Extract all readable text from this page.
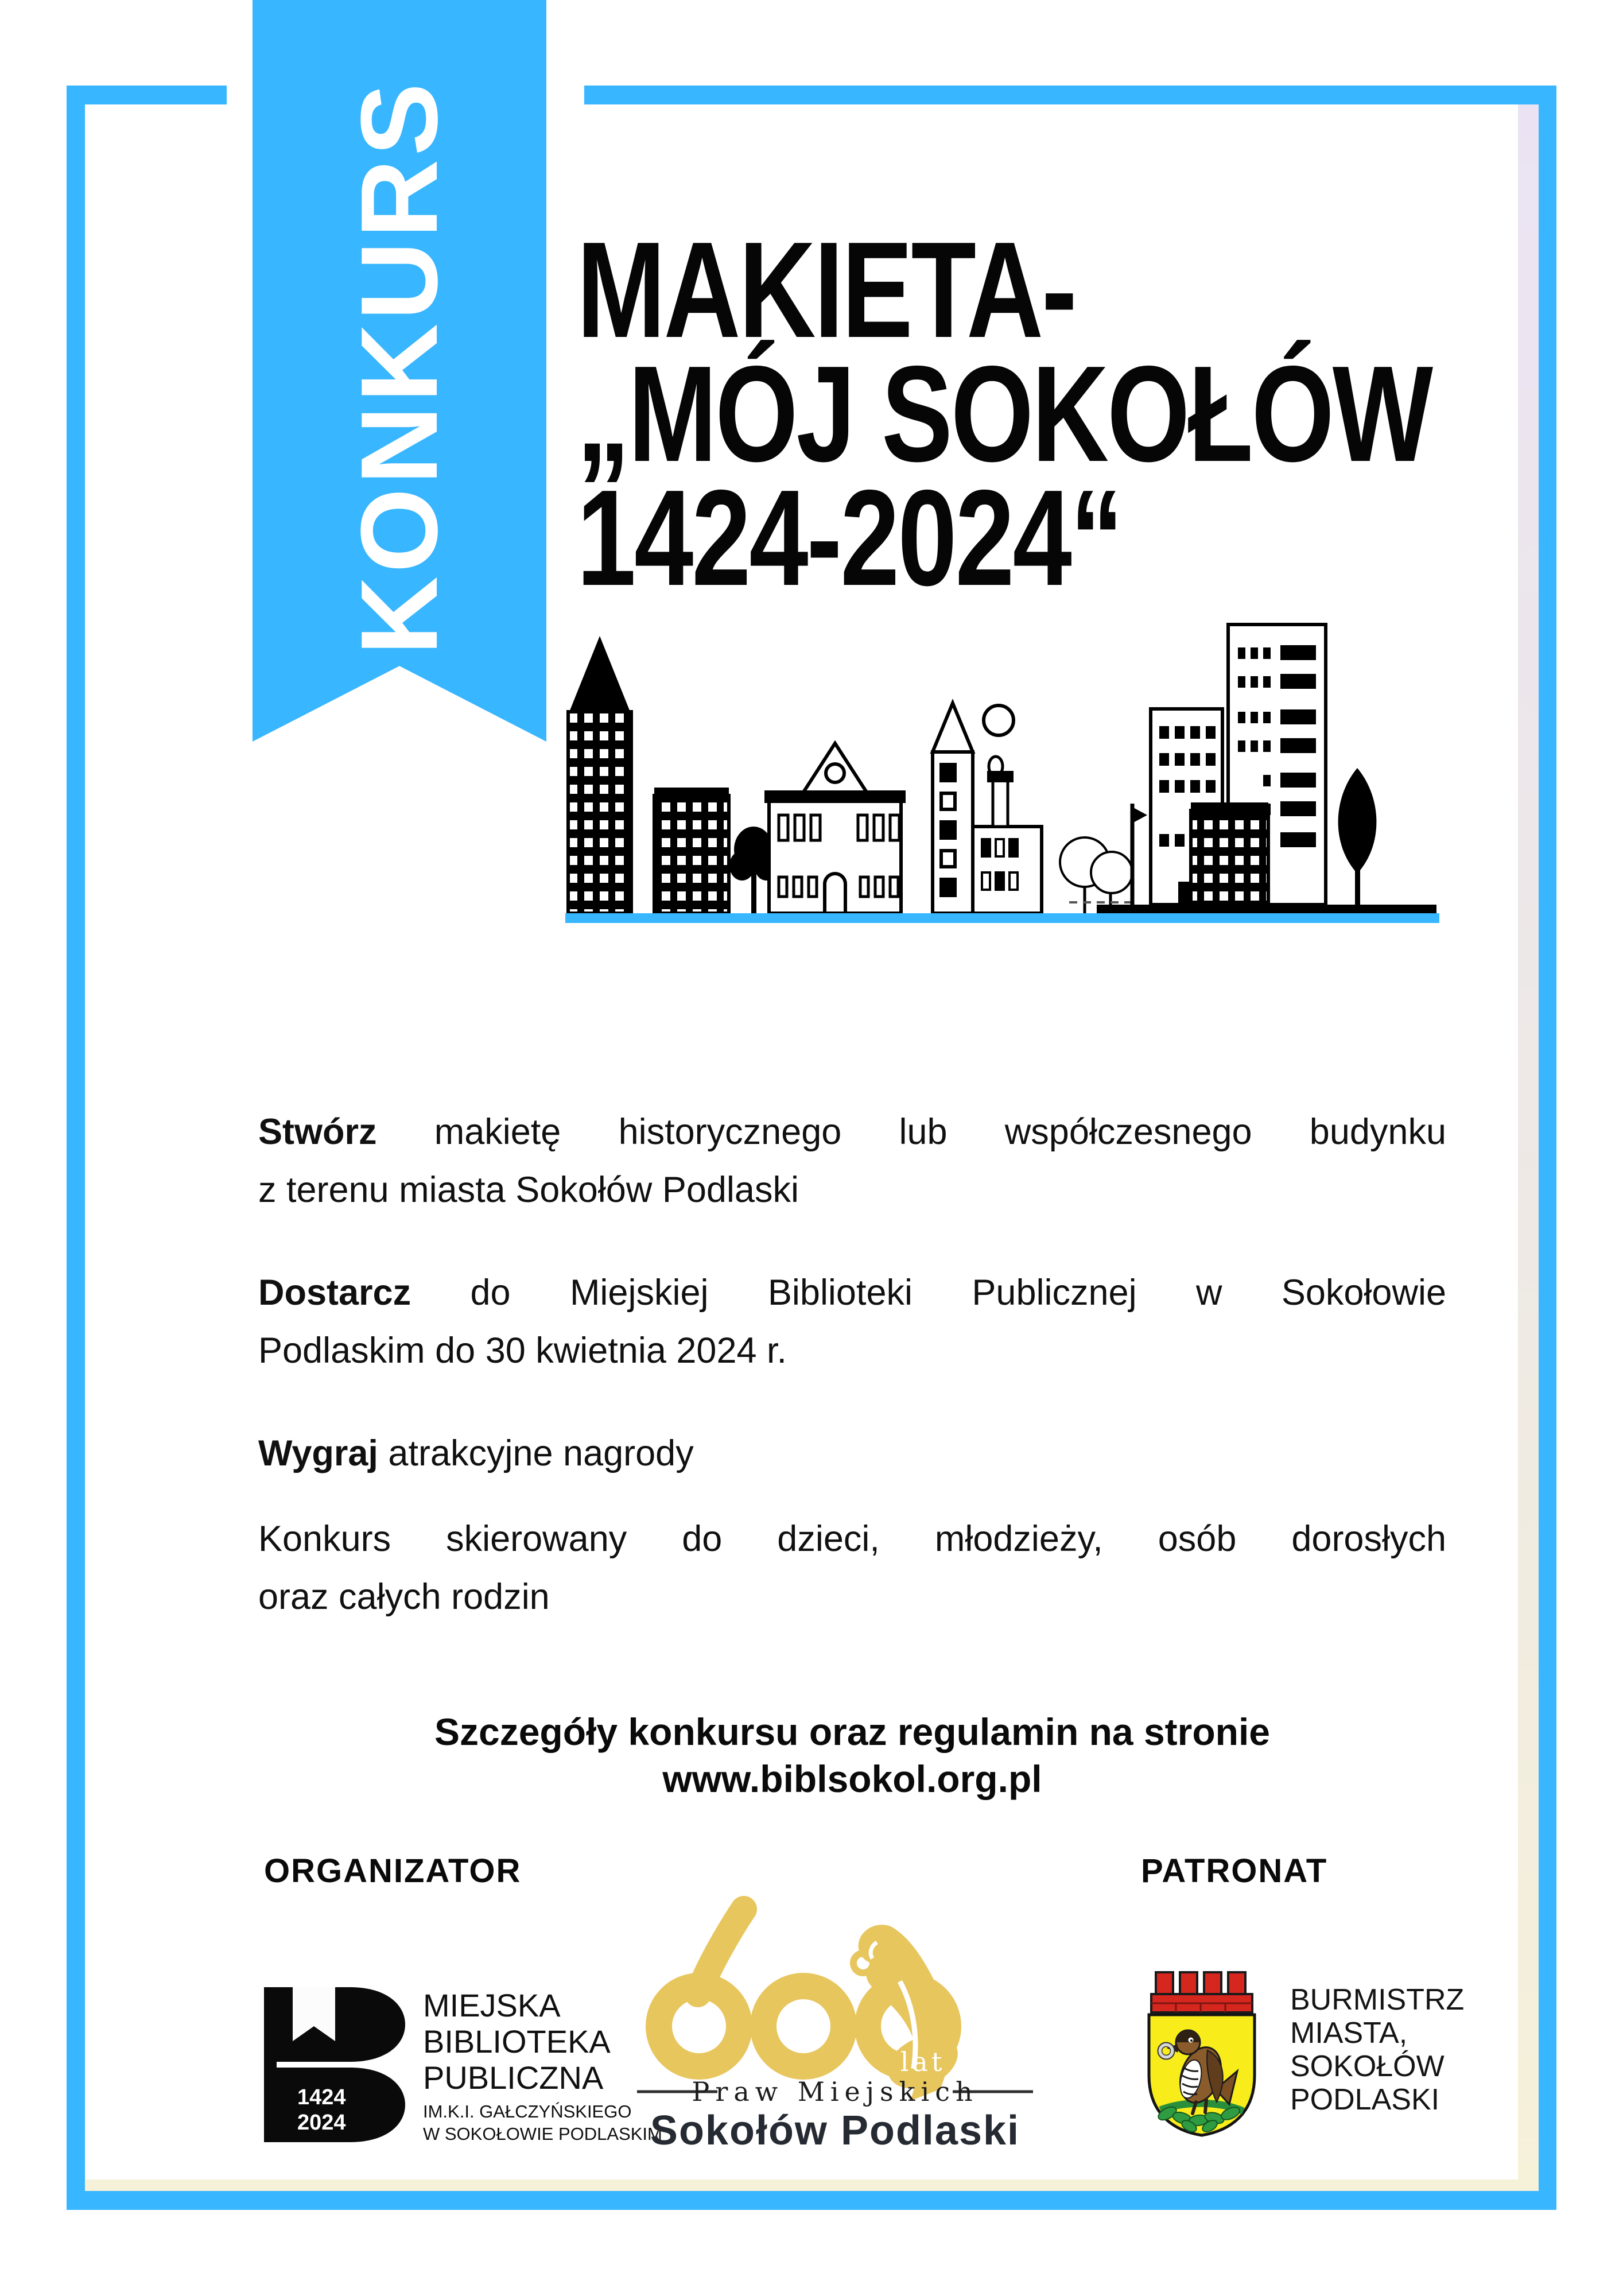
KONKURS MAKIETA-
„MÓJ SOKOŁÓW
1424-2024“
Stwórz makietę historycznego lub współczesnego budynku
z terenu miasta Sokołów Podlaski
Dostarcz do Miejskiej Biblioteki Publicznej w Sokołowie
Podlaskim do 30 kwietnia 2024 r.
Wygraj atrakcyjne nagrody
Konkurs skierowany do dzieci, młodzieży, osób dorosłych
oraz całych rodzin
Szczegóły konkursu oraz regulamin na stronie
www.biblsokol.org.pl
ORGANIZATOR	PATRONAT
1424
2024
MIEJSKA
BIBLIOTEKA
PUBLICZNA
IM.K.I. GAŁCZYŃSKIEGO
W SOKOŁOWIE PODLASKIM
lat
Praw Miejskich
Sokołów Podlaski
BURMISTRZ
MIASTA,
SOKOŁÓW
PODLASKI
